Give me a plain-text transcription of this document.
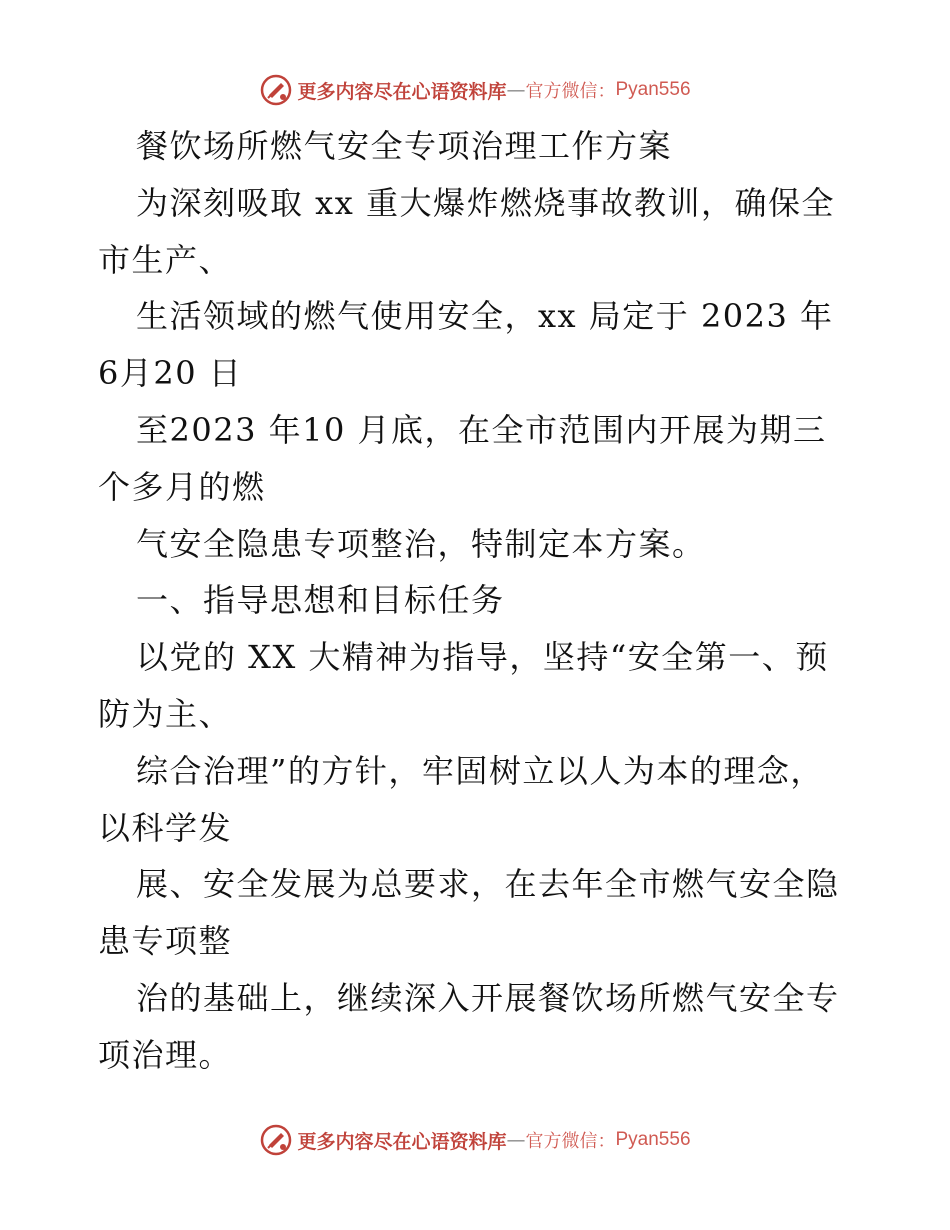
更多内容尽在心语资料库 — 官方微信： Pyan556
餐饮场所燃气安全专项治理工作方案
为深刻吸取 xx 重大爆炸燃烧事故教训，确保全
市生产、
生活领域的燃气使用安全，xx 局定于 2023 年
6月20 日
至2023 年10 月底，在全市范围内开展为期三
个多月的燃
气安全隐患专项整治，特制定本方案。
一、指导思想和目标任务
以党的 XX 大精神为指导，坚持“安全第一、预
防为主、
综合治理”的方针，牢固树立以人为本的理念，
以科学发
展、安全发展为总要求，在去年全市燃气安全隐
患专项整
治的基础上，继续深入开展餐饮场所燃气安全专
项治理。
更多内容尽在心语资料库 — 官方微信： Pyan556
